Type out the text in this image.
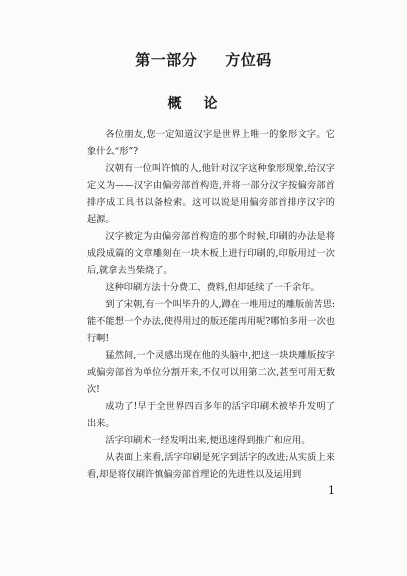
第一部分 方位码
概论

各位朋友,您一定知道汉字是世界上唯一的象形文字。它象什么“形”?

汉朝有一位叫许慎的人,他针对汉字这种象形现象,给汉字定义为——汉字由偏旁部首构造,并将一部分汉字按偏旁部首排序成工具书以备检索。这可以说是用偏旁部首排序汉字的起源。

汉字被定为由偏旁部首构造的那个时候,印刷的办法是将成段成篇的文章雕刻在一块木板上进行印刷的,印版用过一次后,就拿去当柴烧了。

这种印刷方法十分费工、费料,但却延续了一千余年。

到了宋朝,有一个叫毕升的人,蹲在一堆用过的雕版前苦思:能不能想一个办法,使得用过的版还能再用呢?哪怕多用一次也行啊!

猛然间,一个灵感出现在他的头脑中,把这一块块雕版按字或偏旁部首为单位分割开来,不仅可以用第二次,甚至可用无数次!

成功了!早于全世界四百多年的活字印刷术被毕升发明了出来。

活字印刷术一经发明出来,便迅速得到推广和应用。

从表面上来看,活字印刷是死字到活字的改进;从实质上来看,却是将仅刷许慎偏旁部首理论的先进性以及运用到

1
